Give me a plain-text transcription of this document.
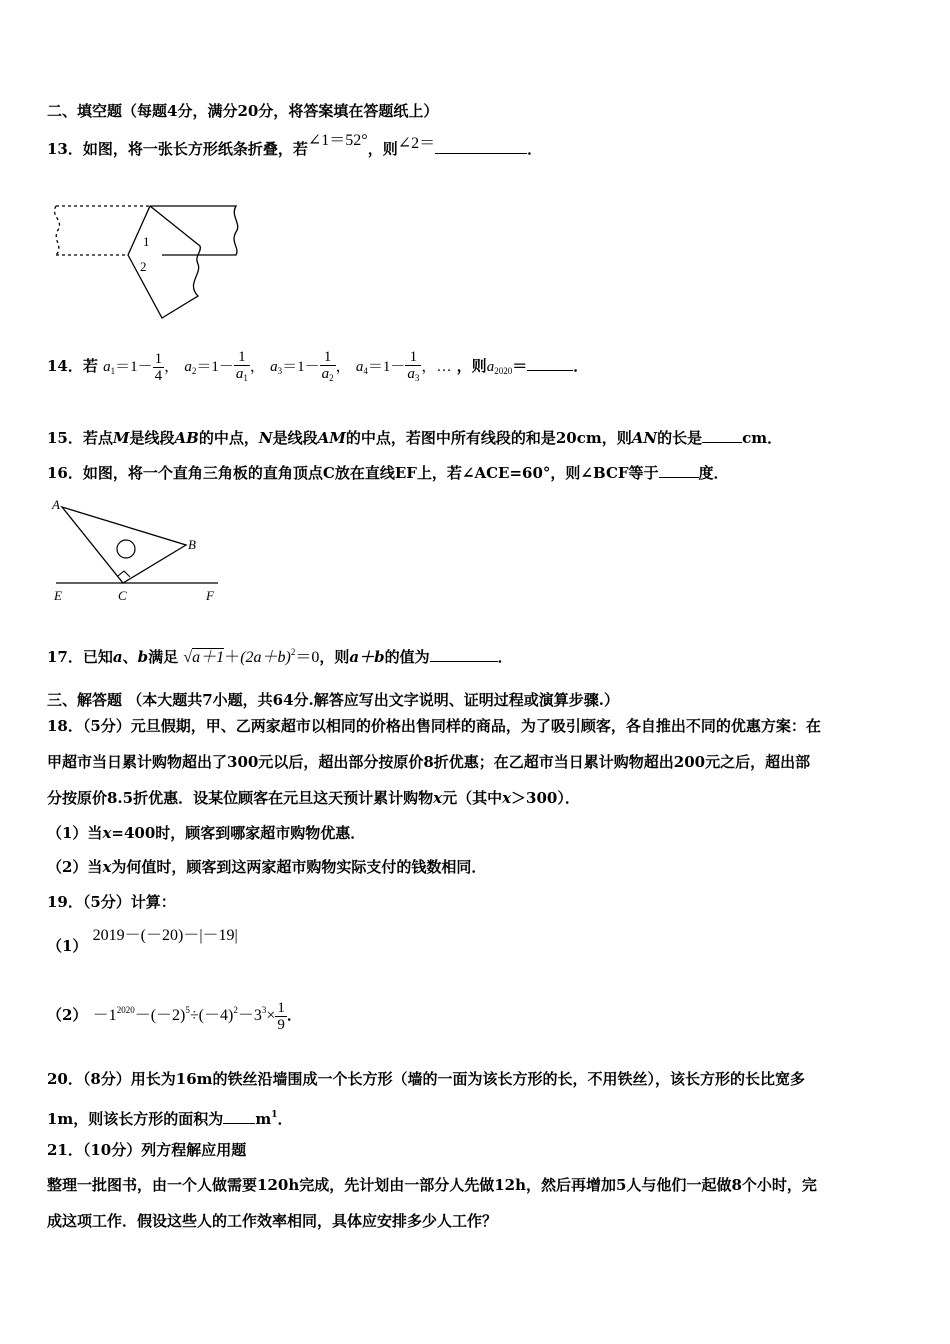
二、填空题（每题4分，满分20分，将答案填在答题纸上）
13．如图，将一张长方形纸条折叠，若∠1＝52°，则∠2＝	．
1
2
14．若 $a_1=1- \frac{1}{4}$ ， $a_2=1- \frac{1}{a_1}$ ， $a_3=1- \frac{1}{a_2}$ ， $a_4=1- \frac{1}{a_3}$ ，… ，则$a_{2020}=$	．
15．若点M是线段AB的中点，N是线段AM的中点，若图中所有线段的和是20cm，则AN的长是	cm．
16．如图，将一个直角三角板的直角顶点C放在直线EF上，若∠ACE=60°，则∠BCF等于	度．
A
B
C
E	F
17．已知a、b满足 $√a+1+(2a+b)^2=0$，则a＋b的值为	．
三、解答题 （本大题共7小题，共64分.解答应写出文字说明、证明过程或演算步骤.）
18．（5分）元旦假期，甲、乙两家超市以相同的价格出售同样的商品，为了吸引顾客，各自推出不同的优惠方案：在
甲超市当日累计购物超出了300元以后，超出部分按原价8折优惠；在乙超市当日累计购物超出200元之后，超出部
分按原价8.5折优惠．设某位顾客在元旦这天预计累计购物x元（其中x＞300）．
（1）当x=400时，顾客到哪家超市购物优惠．
（2）当x为何值时，顾客到这两家超市购物实际支付的钱数相同．
19．（5分）计算：
（1） 2019－(－20)－|－19|
$(2) -1^{2020}-(-2)^5\div(-4)^2-3^3\times \frac{1}{9}$ ．
20．（8分）用长为16m的铁丝沿墙围成一个长方形（墙的一面为该长方形的长，不用铁丝），该长方形的长比宽多
1m，则该长方形的面积为 $m^1$．
21．（10分）列方程解应用题
整理一批图书，由一个人做需要120h完成，先计划由一部分人先做12h，然后再增加5人与他们一起做8个小时，完
成这项工作．假设这些人的工作效率相同，具体应安排多少人工作？
